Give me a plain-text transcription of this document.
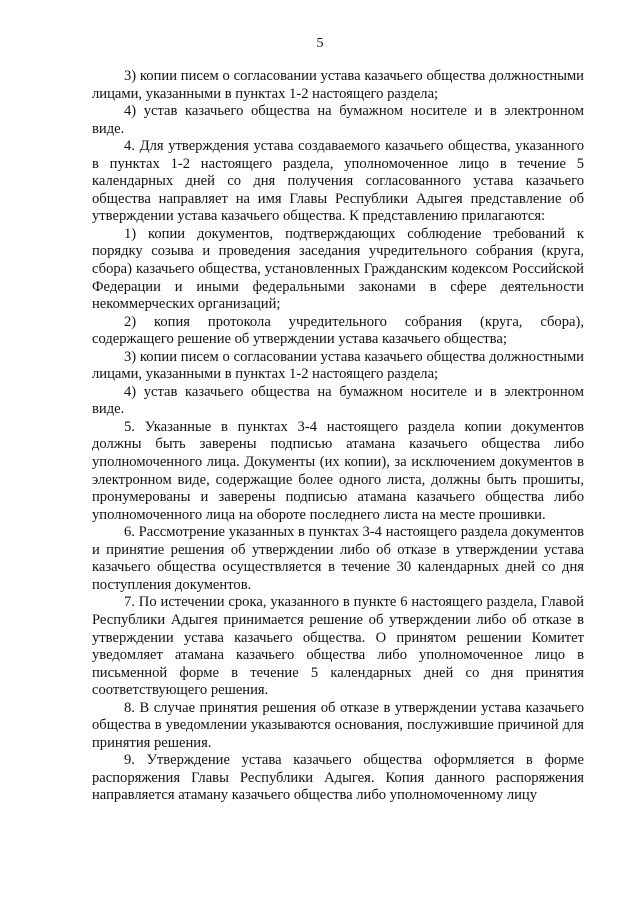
5

3) копии писем о согласовании устава казачьего общества должностными лицами, указанными в пунктах 1-2 настоящего раздела;

4) устав казачьего общества на бумажном носителе и в электронном виде.

4. Для утверждения устава создаваемого казачьего общества, указанного в пунктах 1-2 настоящего раздела, уполномоченное лицо в течение 5 календарных дней со дня получения согласованного устава казачьего общества направляет на имя Главы Республики Адыгея представление об утверждении устава казачьего общества. К представлению прилагаются:

1) копии документов, подтверждающих соблюдение требований к порядку созыва и проведения заседания учредительного собрания (круга, сбора) казачьего общества, установленных Гражданским кодексом Российской Федерации и иными федеральными законами в сфере деятельности некоммерческих организаций;

2) копия протокола учредительного собрания (круга, сбора), содержащего решение об утверждении устава казачьего общества;

3) копии писем о согласовании устава казачьего общества должностными лицами, указанными в пунктах 1-2 настоящего раздела;

4) устав казачьего общества на бумажном носителе и в электронном виде.

5. Указанные в пунктах 3-4 настоящего раздела копии документов должны быть заверены подписью атамана казачьего общества либо уполномоченного лица. Документы (их копии), за исключением документов в электронном виде, содержащие более одного листа, должны быть прошиты, пронумерованы и заверены подписью атамана казачьего общества либо уполномоченного лица на обороте последнего листа на месте прошивки.

6. Рассмотрение указанных в пунктах 3-4 настоящего раздела документов и принятие решения об утверждении либо об отказе в утверждении устава казачьего общества осуществляется в течение 30 календарных дней со дня поступления документов.

7. По истечении срока, указанного в пункте 6 настоящего раздела, Главой Республики Адыгея принимается решение об утверждении либо об отказе в утверждении устава казачьего общества. О принятом решении Комитет уведомляет атамана казачьего общества либо уполномоченное лицо в письменной форме в течение 5 календарных дней со дня принятия соответствующего решения.

8. В случае принятия решения об отказе в утверждении устава казачьего общества в уведомлении указываются основания, послужившие причиной для принятия решения.

9. Утверждение устава казачьего общества оформляется в форме распоряжения Главы Республики Адыгея. Копия данного распоряжения направляется атаману казачьего общества либо уполномоченному лицу
